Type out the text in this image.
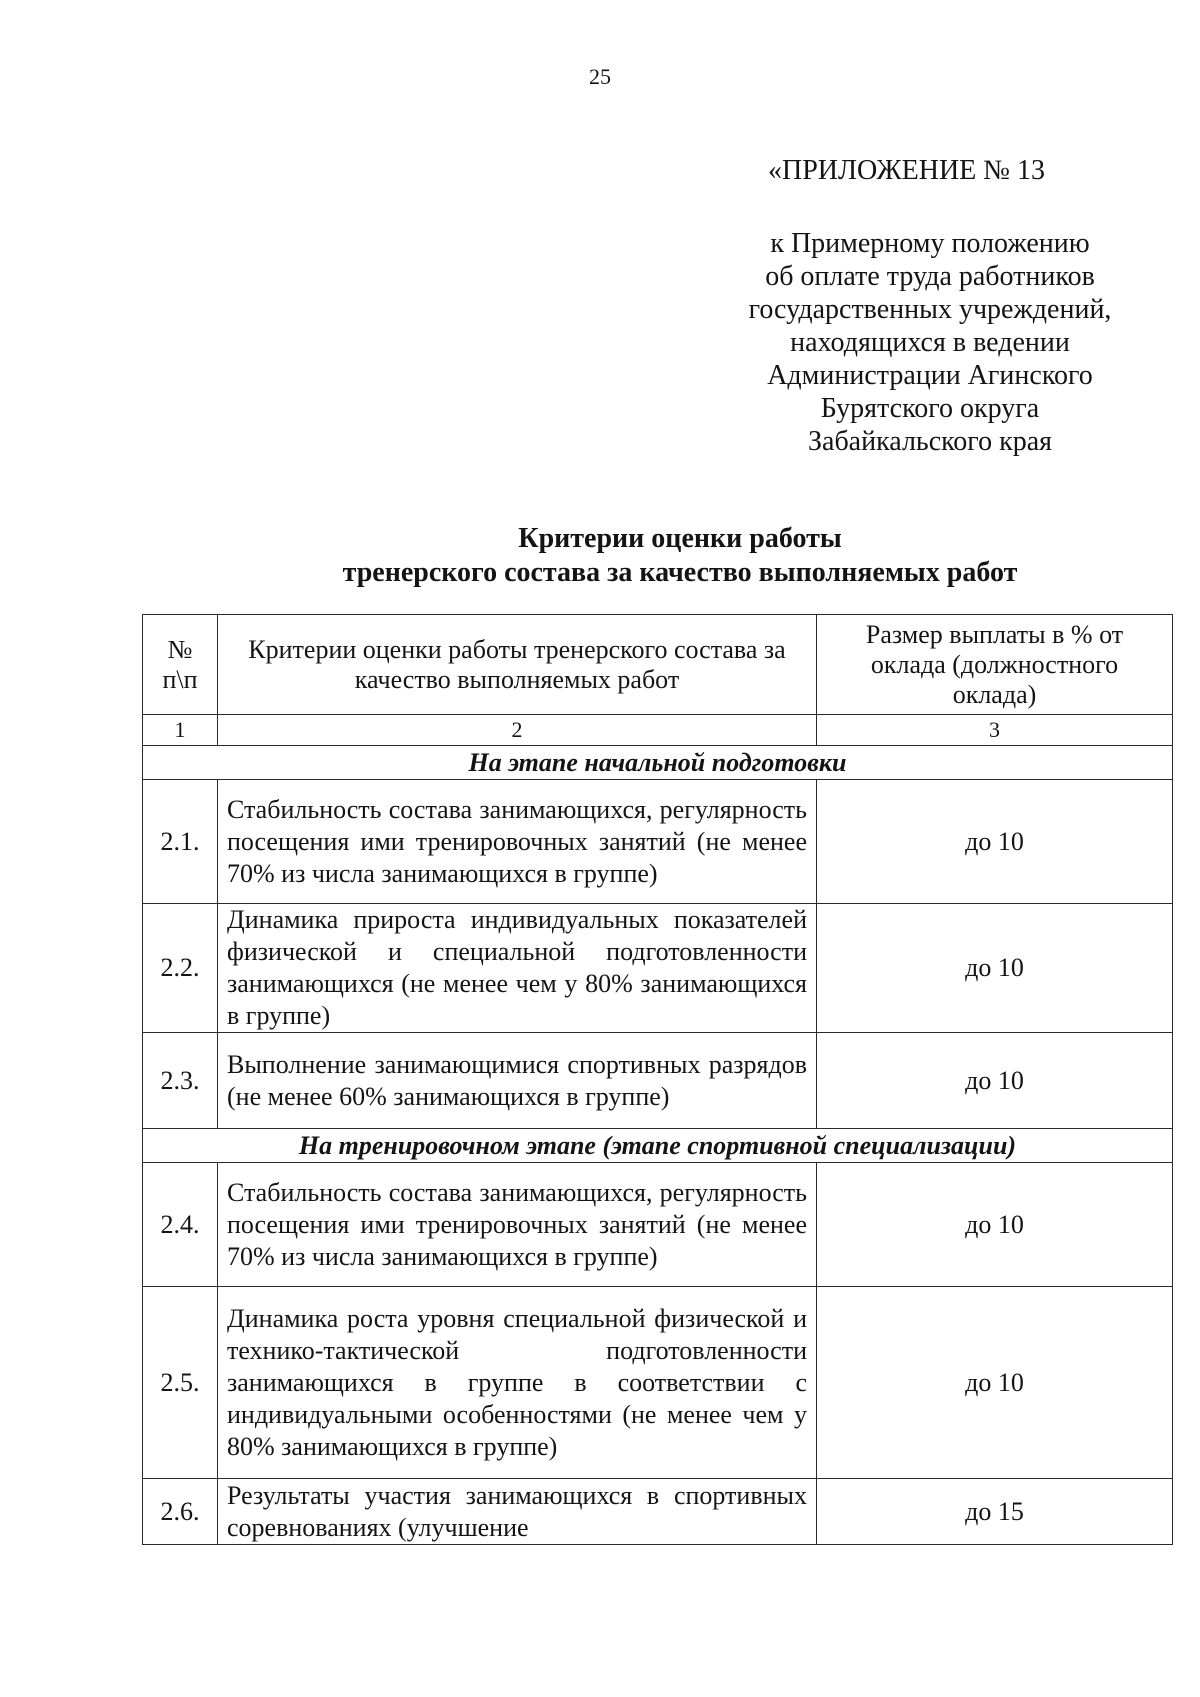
25
«ПРИЛОЖЕНИЕ № 13
к Примерному положению
об оплате труда работников
государственных учреждений,
находящихся в ведении
Администрации Агинского
Бурятского округа
Забайкальского края
Критерии оценки работы
тренерского состава за качество выполняемых работ
№ п\п	Критерии оценки работы тренерского состава за качество выполняемых работ	Размер выплаты в % от оклада (должностного оклада)
1	2	3
На этапе начальной подготовки		
2.1.	Стабильность состава занимающихся, регулярность посещения ими тренировочных занятий (не менее 70% из числа занимающихся в группе)	до 10
2.2.	Динамика прироста индивидуальных показателей физической и специальной подготовленности занимающихся (не менее чем у 80% занимающихся в группе)	до 10
2.3.	Выполнение занимающимися спортивных разрядов (не менее 60% занимающихся в группе)	до 10
На тренировочном этапе (этапе спортивной специализации)		
2.4.	Стабильность состава занимающихся, регулярность посещения ими тренировочных занятий (не менее 70% из числа занимающихся в группе)	до 10
2.5.	Динамика роста уровня специальной физической и технико-тактической подготовленности занимающихся в группе в соответствии с индивидуальными особенностями (не менее чем у 80% занимающихся в группе)	до 10
2.6.	Результаты участия занимающихся в спортивных соревнованиях (улучшение	до 15
